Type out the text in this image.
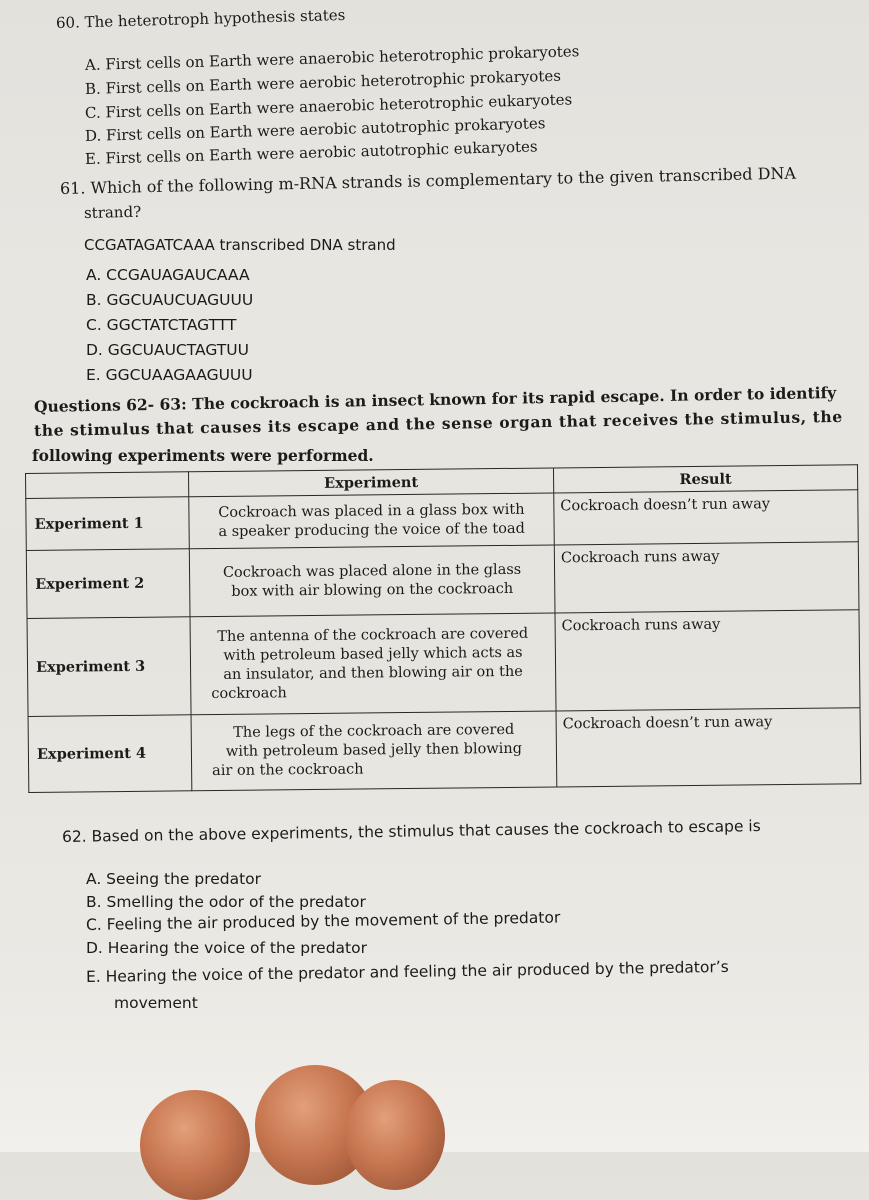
60. The heterotroph hypothesis states
A. First cells on Earth were anaerobic heterotrophic prokaryotes
B. First cells on Earth were aerobic heterotrophic prokaryotes
C. First cells on Earth were anaerobic heterotrophic eukaryotes
D. First cells on Earth were aerobic autotrophic prokaryotes
E. First cells on Earth were aerobic autotrophic eukaryotes
61. Which of the following m-RNA strands is complementary to the given transcribed DNA
strand?
CCGATAGATCAAA transcribed DNA strand
A. CCGAUAGAUCAAA
B. GGCUAUCUAGUUU
C. GGCTATCTAGTTT
D. GGCUAUCTAGTUU
E. GGCUAAGAAGUUU
Questions 62- 63: The cockroach is an insect known for its rapid escape. In order to identify
the stimulus that causes its escape and the sense organ that receives the stimulus, the
following experiments were performed.
	Experiment	Result
Experiment 1	Cockroach was placed in a glass box with
a speaker producing the voice of the toad	Cockroach doesn’t run away
Experiment 2	Cockroach was placed alone in the glass
box with air blowing on the cockroach	Cockroach runs away
Experiment 3	The antenna of the cockroach are covered
with petroleum based jelly which acts as
an insulator, and then blowing air on the
cockroach	Cockroach runs away
Experiment 4	The legs of the cockroach are covered
with petroleum based jelly then blowing
air on the cockroach	Cockroach doesn’t run away
62. Based on the above experiments, the stimulus that causes the cockroach to escape is
A. Seeing the predator
B. Smelling the odor of the predator
C. Feeling the air produced by the movement of the predator
D. Hearing the voice of the predator
E. Hearing the voice of the predator and feeling the air produced by the predator’s
movement
